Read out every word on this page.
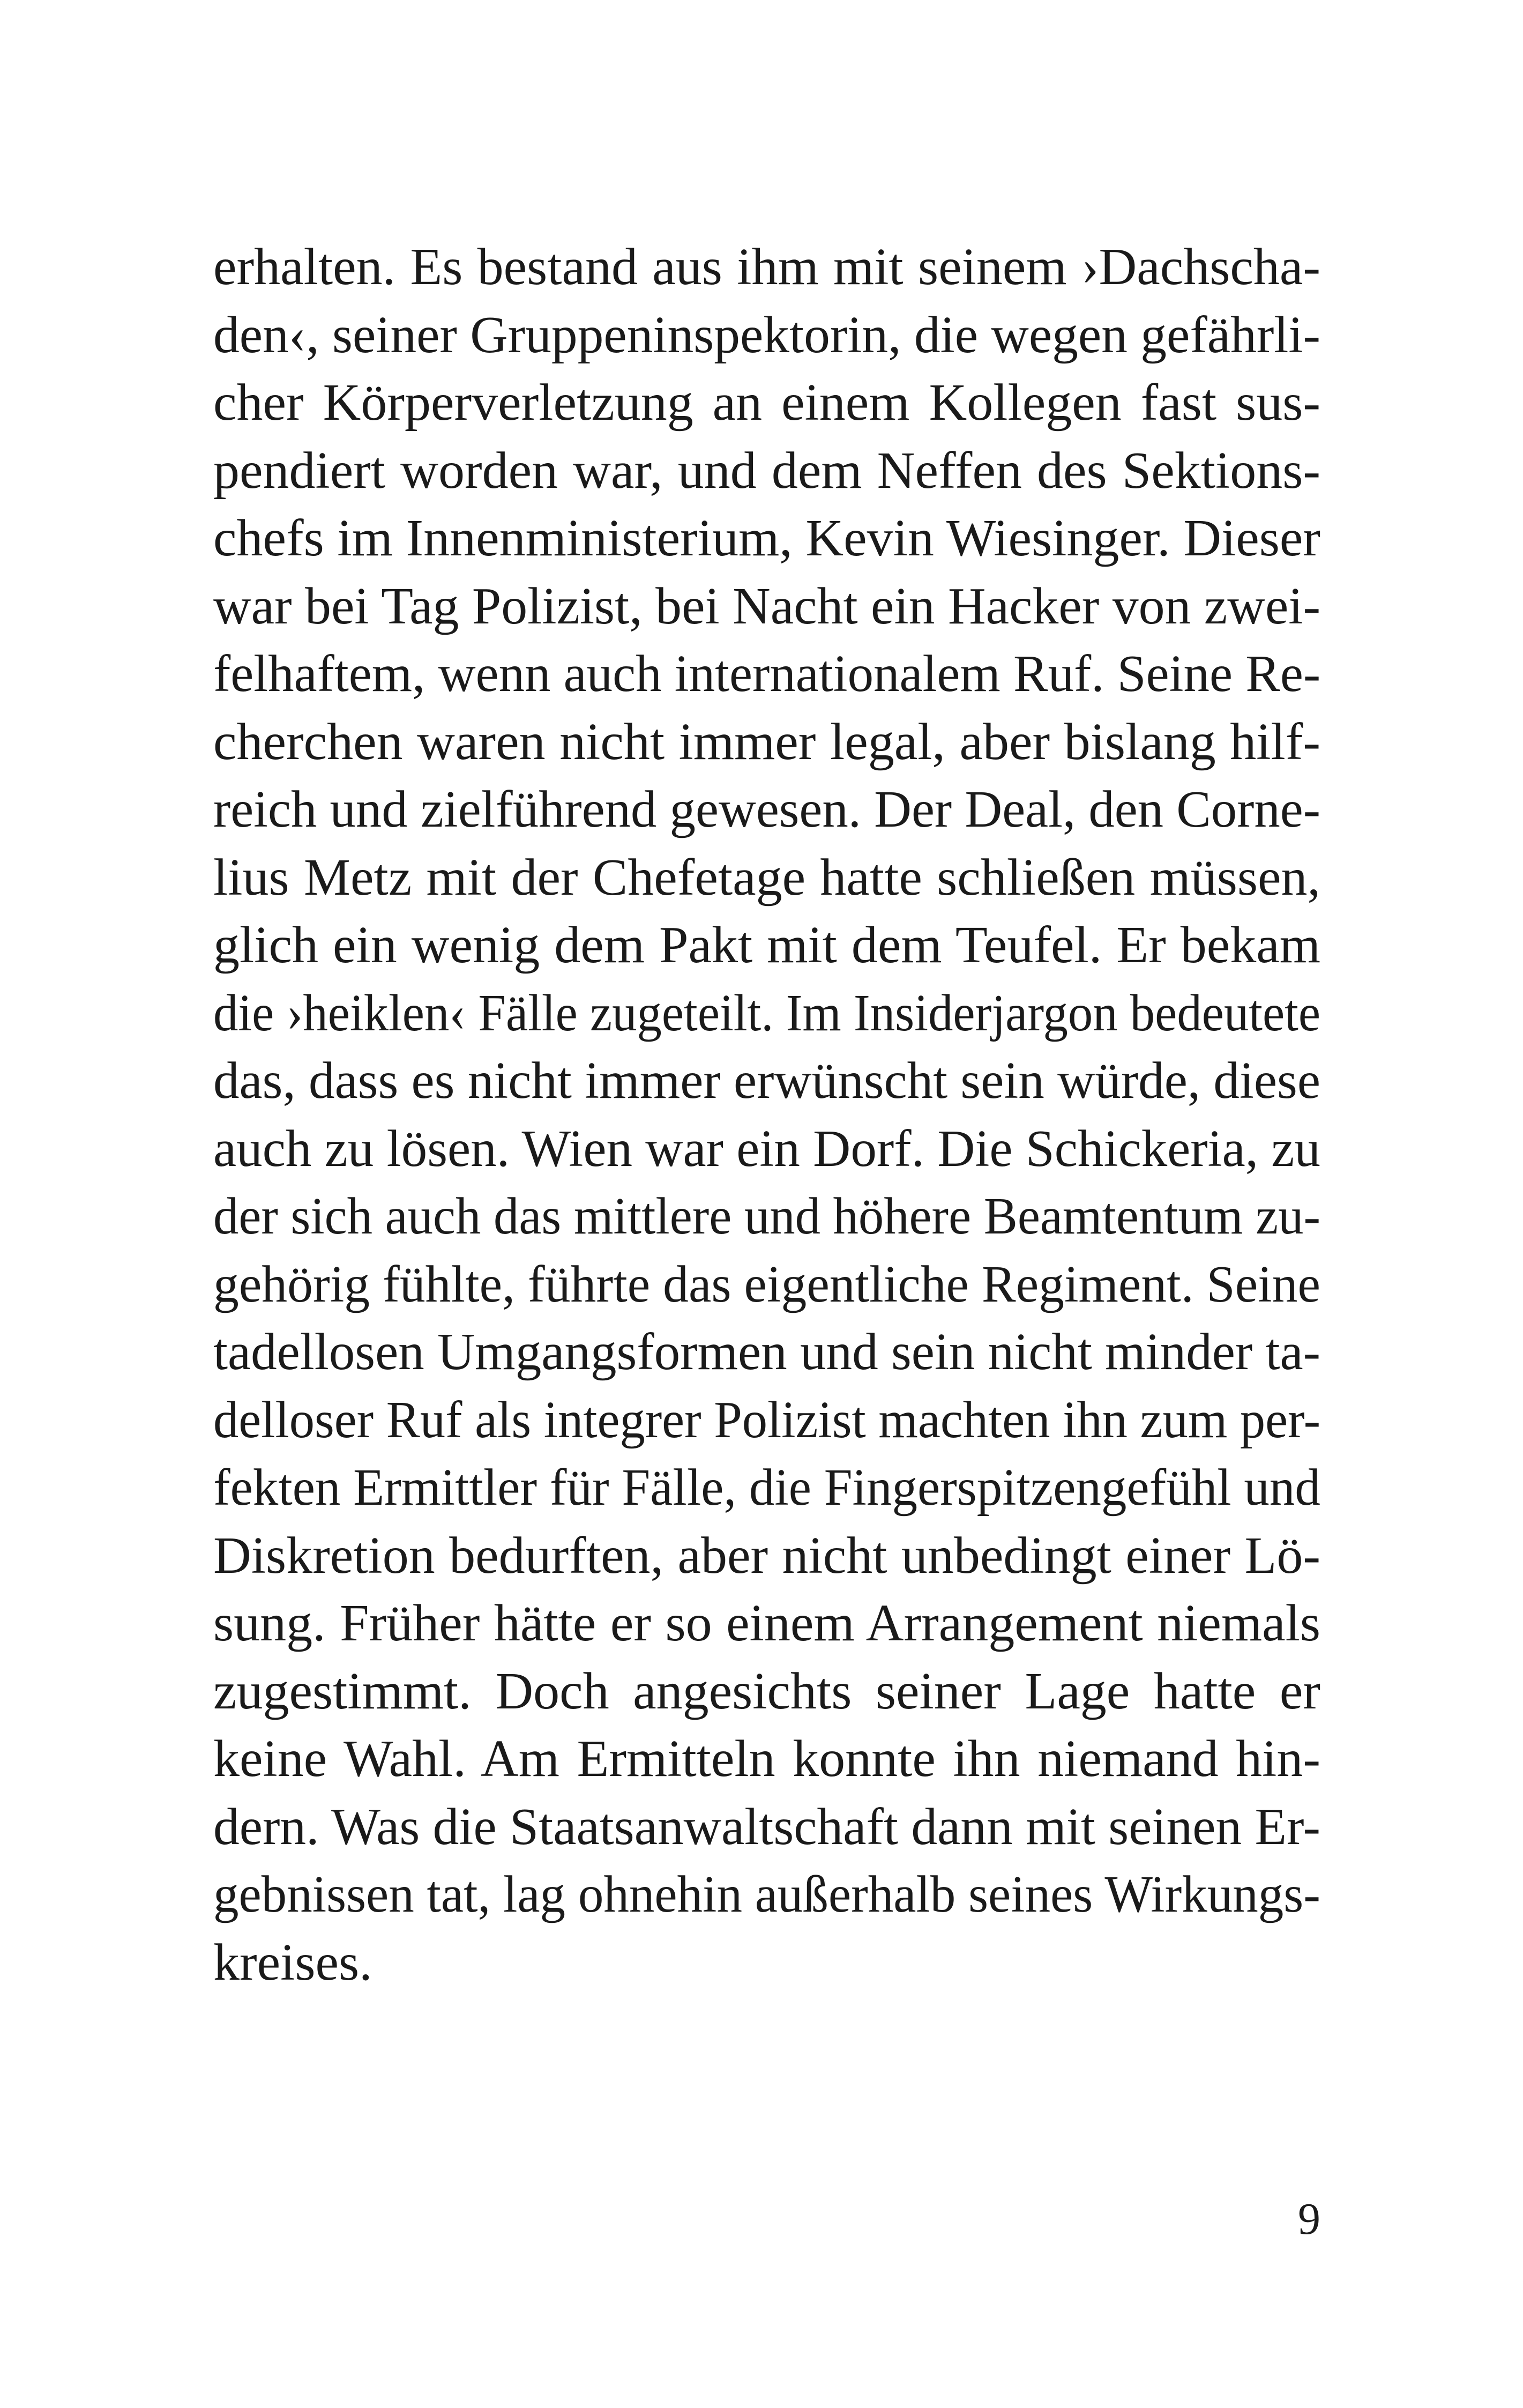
erhalten. Es bestand aus ihm mit seinem ›Dachscha-
den‹, seiner Gruppeninspektorin, die wegen gefährli-
cher Körperverletzung an einem Kollegen fast sus-
pendiert worden war, und dem Neffen des Sektions-
chefs im Innenministerium, Kevin Wiesinger. Dieser
war bei Tag Polizist, bei Nacht ein Hacker von zwei-
felhaftem, wenn auch internationalem Ruf. Seine Re-
cherchen waren nicht immer legal, aber bislang hilf-
reich und zielführend gewesen. Der Deal, den Corne-
lius Metz mit der Chefetage hatte schließen müssen,
glich ein wenig dem Pakt mit dem Teufel. Er bekam
die ›heiklen‹ Fälle zugeteilt. Im Insiderjargon bedeutete
das, dass es nicht immer erwünscht sein würde, diese
auch zu lösen. Wien war ein Dorf. Die Schickeria, zu
der sich auch das mittlere und höhere Beamtentum zu-
gehörig fühlte, führte das eigentliche Regiment. Seine
tadellosen Umgangsformen und sein nicht minder ta-
delloser Ruf als integrer Polizist machten ihn zum per-
fekten Ermittler für Fälle, die Fingerspitzengefühl und
Diskretion bedurften, aber nicht unbedingt einer Lö-
sung. Früher hätte er so einem Arrangement niemals
zugestimmt. Doch angesichts seiner Lage hatte er
keine Wahl. Am Ermitteln konnte ihn niemand hin-
dern. Was die Staatsanwaltschaft dann mit seinen Er-
gebnissen tat, lag ohnehin außerhalb seines Wirkungs-
kreises.
9
